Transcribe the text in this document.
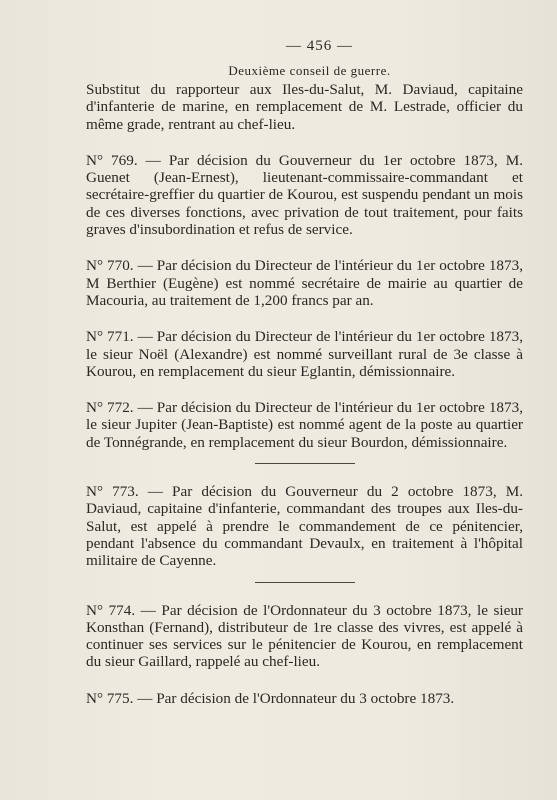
— 456 —
Deuxième conseil de guerre.

Substitut du rapporteur aux Iles-du-Salut, M. Daviaud, capitaine d'infanterie de marine, en remplacement de M. Lestrade, officier du même grade, rentrant au chef-lieu.

N° 769. — Par décision du Gouverneur du 1er octobre 1873, M. Guenet (Jean-Ernest), lieutenant-commissaire-commandant et secrétaire-greffier du quartier de Kourou, est suspendu pendant un mois de ces diverses fonctions, avec privation de tout traitement, pour faits graves d'insubordination et refus de service.

N° 770. — Par décision du Directeur de l'intérieur du 1er octobre 1873, M Berthier (Eugène) est nommé secrétaire de mairie au quartier de Macouria, au traitement de 1,200 francs par an.

N° 771. — Par décision du Directeur de l'intérieur du 1er octobre 1873, le sieur Noël (Alexandre) est nommé surveillant rural de 3e classe à Kourou, en remplacement du sieur Eglantin, démissionnaire.

N° 772. — Par décision du Directeur de l'intérieur du 1er octobre 1873, le sieur Jupiter (Jean-Baptiste) est nommé agent de la poste au quartier de Tonnégrande, en remplacement du sieur Bourdon, démissionnaire.

N° 773. — Par décision du Gouverneur du 2 octobre 1873, M. Daviaud, capitaine d'infanterie, commandant des troupes aux Iles-du-Salut, est appelé à prendre le commandement de ce pénitencier, pendant l'absence du commandant Devaulx, en traitement à l'hôpital militaire de Cayenne.

N° 774. — Par décision de l'Ordonnateur du 3 octobre 1873, le sieur Konsthan (Fernand), distributeur de 1re classe des vivres, est appelé à continuer ses services sur le pénitencier de Kourou, en remplacement du sieur Gaillard, rappelé au chef-lieu.

N° 775. — Par décision de l'Ordonnateur du 3 octobre 1873.
